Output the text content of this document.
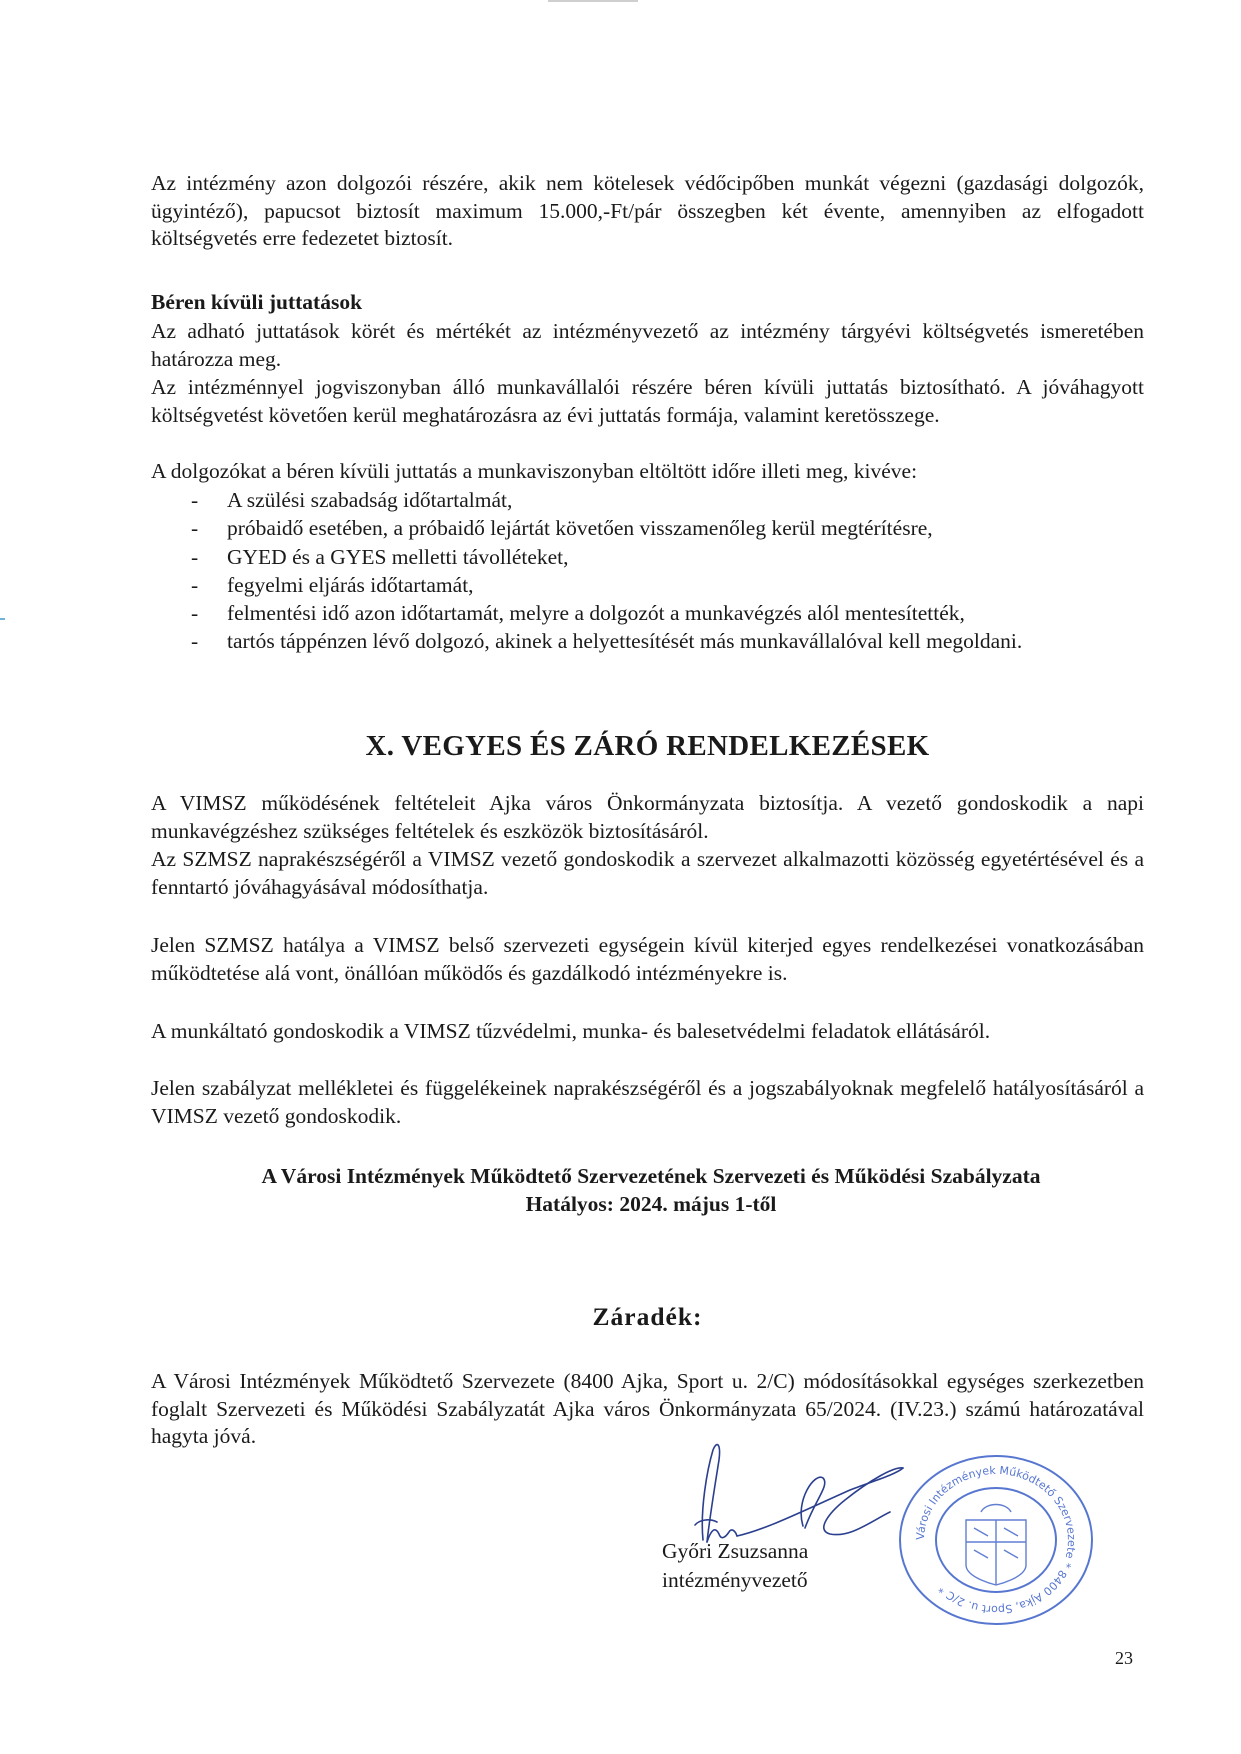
Az intézmény azon dolgozói részére, akik nem kötelesek védőcipőben munkát végezni (gazdasági dolgozók, ügyintéző), papucsot biztosít maximum 15.000,-Ft/pár összegben két évente, amennyiben az elfogadott költségvetés erre fedezetet biztosít.

Béren kívüli juttatások

Az adható juttatások körét és mértékét az intézményvezető az intézmény tárgyévi költségvetés ismeretében határozza meg.

Az intézménnyel jogviszonyban álló munkavállalói részére béren kívüli juttatás biztosítható. A jóváhagyott költségvetést követően kerül meghatározásra az évi juttatás formája, valamint keretösszege.

A dolgozókat a béren kívüli juttatás a munkaviszonyban eltöltött időre illeti meg, kivéve:

- A szülési szabadság időtartalmát,
- próbaidő esetében, a próbaidő lejártát követően visszamenőleg kerül megtérítésre,
- GYED és a GYES melletti távolléteket,
- fegyelmi eljárás időtartamát,
- felmentési idő azon időtartamát, melyre a dolgozót a munkavégzés alól mentesítették,
- tartós táppénzen lévő dolgozó, akinek a helyettesítését más munkavállalóval kell megoldani.
X. VEGYES ÉS ZÁRÓ RENDELKEZÉSEK

A VIMSZ működésének feltételeit Ajka város Önkormányzata biztosítja. A vezető gondoskodik a napi munkavégzéshez szükséges feltételek és eszközök biztosításáról.

Az SZMSZ naprakészségéről a VIMSZ vezető gondoskodik a szervezet alkalmazotti közösség egyetértésével és a fenntartó jóváhagyásával módosíthatja.

Jelen SZMSZ hatálya a VIMSZ belső szervezeti egységein kívül kiterjed egyes rendelkezései vonatkozásában működtetése alá vont, önállóan működős és gazdálkodó intézményekre is.

A munkáltató gondoskodik a VIMSZ tűzvédelmi, munka- és balesetvédelmi feladatok ellátásáról.

Jelen szabályzat mellékletei és függelékeinek naprakészségéről és a jogszabályoknak megfelelő hatályosításáról a VIMSZ vezető gondoskodik.

A Városi Intézmények Működtető Szervezetének Szervezeti és Működési Szabályzata
Hatályos: 2024. május 1-től
Záradék:

A Városi Intézmények Működtető Szervezete (8400 Ajka, Sport u. 2/C) módosításokkal egységes szerkezetben foglalt Szervezeti és Működési Szabályzatát Ajka város Önkormányzata 65/2024. (IV.23.) számú határozatával hagyta jóvá.

Városi Intézmények Működtető Szervezete * 8400 Ajka, Sport u. 2/C *
Győri Zsuzsanna
intézményvezető
23
